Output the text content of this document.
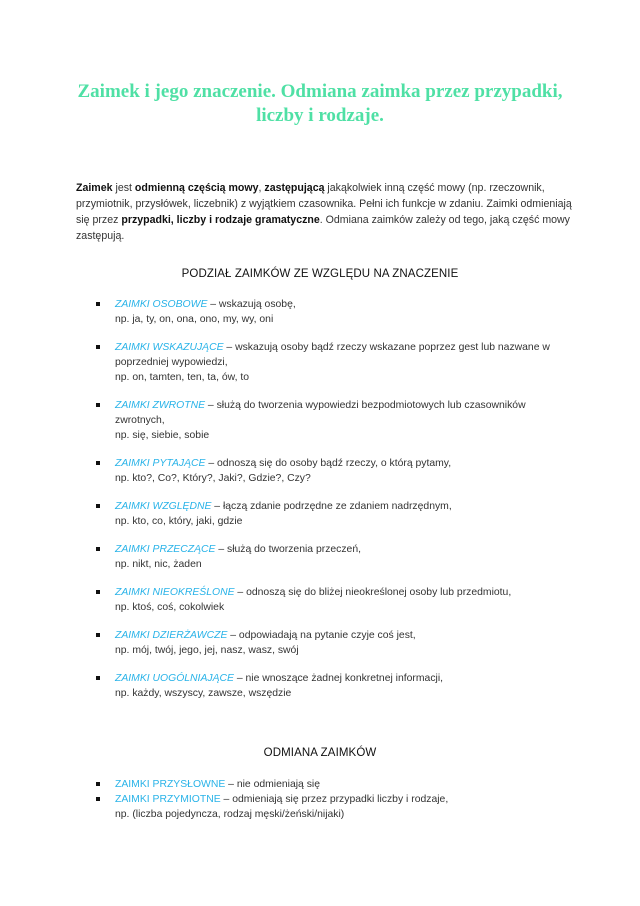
Zaimek i jego znaczenie. Odmiana zaimka przez przypadki, liczby i rodzaje.
Zaimek jest odmienną częścią mowy, zastępującą jakąkolwiek inną część mowy (np. rzeczownik, przymiotnik, przysłówek, liczebnik) z wyjątkiem czasownika. Pełni ich funkcje w zdaniu. Zaimki odmieniają się przez przypadki, liczby i rodzaje gramatyczne. Odmiana zaimków zależy od tego, jaką część mowy zastępują.
PODZIAŁ ZAIMKÓW ZE WZGLĘDU NA ZNACZENIE
ZAIMKI OSOBOWE – wskazują osobę,
np. ja, ty, on, ona, ono, my, wy, oni
ZAIMKI WSKAZUJĄCE – wskazują osoby bądź rzeczy wskazane poprzez gest lub nazwane w poprzedniej wypowiedzi,
np. on, tamten, ten, ta, ów, to
ZAIMKI ZWROTNE – służą do tworzenia wypowiedzi bezpodmiotowych lub czasowników zwrotnych,
np. się, siebie, sobie
ZAIMKI PYTAJĄCE – odnoszą się do osoby bądź rzeczy, o którą pytamy,
np. kto?, Co?, Który?, Jaki?, Gdzie?, Czy?
ZAIMKI WZGLĘDNE – łączą zdanie podrzędne ze zdaniem nadrzędnym,
np. kto, co, który, jaki, gdzie
ZAIMKI PRZECZĄCE – służą do tworzenia przeczeń,
np. nikt, nic, żaden
ZAIMKI NIEOKREŚLONE – odnoszą się do bliżej nieokreślonej osoby lub przedmiotu,
np. ktoś, coś, cokolwiek
ZAIMKI DZIERŻAWCZE – odpowiadają na pytanie czyje coś jest,
np. mój, twój, jego, jej, nasz, wasz, swój
ZAIMKI UOGÓLNIAJĄCE – nie wnoszące żadnej konkretnej informacji,
np. każdy, wszyscy, zawsze, wszędzie
ODMIANA ZAIMKÓW
ZAIMKI PRZYSŁOWNE – nie odmieniają się
ZAIMKI PRZYMIOTNE – odmieniają się przez przypadki liczby i rodzaje,
np. (liczba pojedyncza, rodzaj męski/żeński/nijaki)
